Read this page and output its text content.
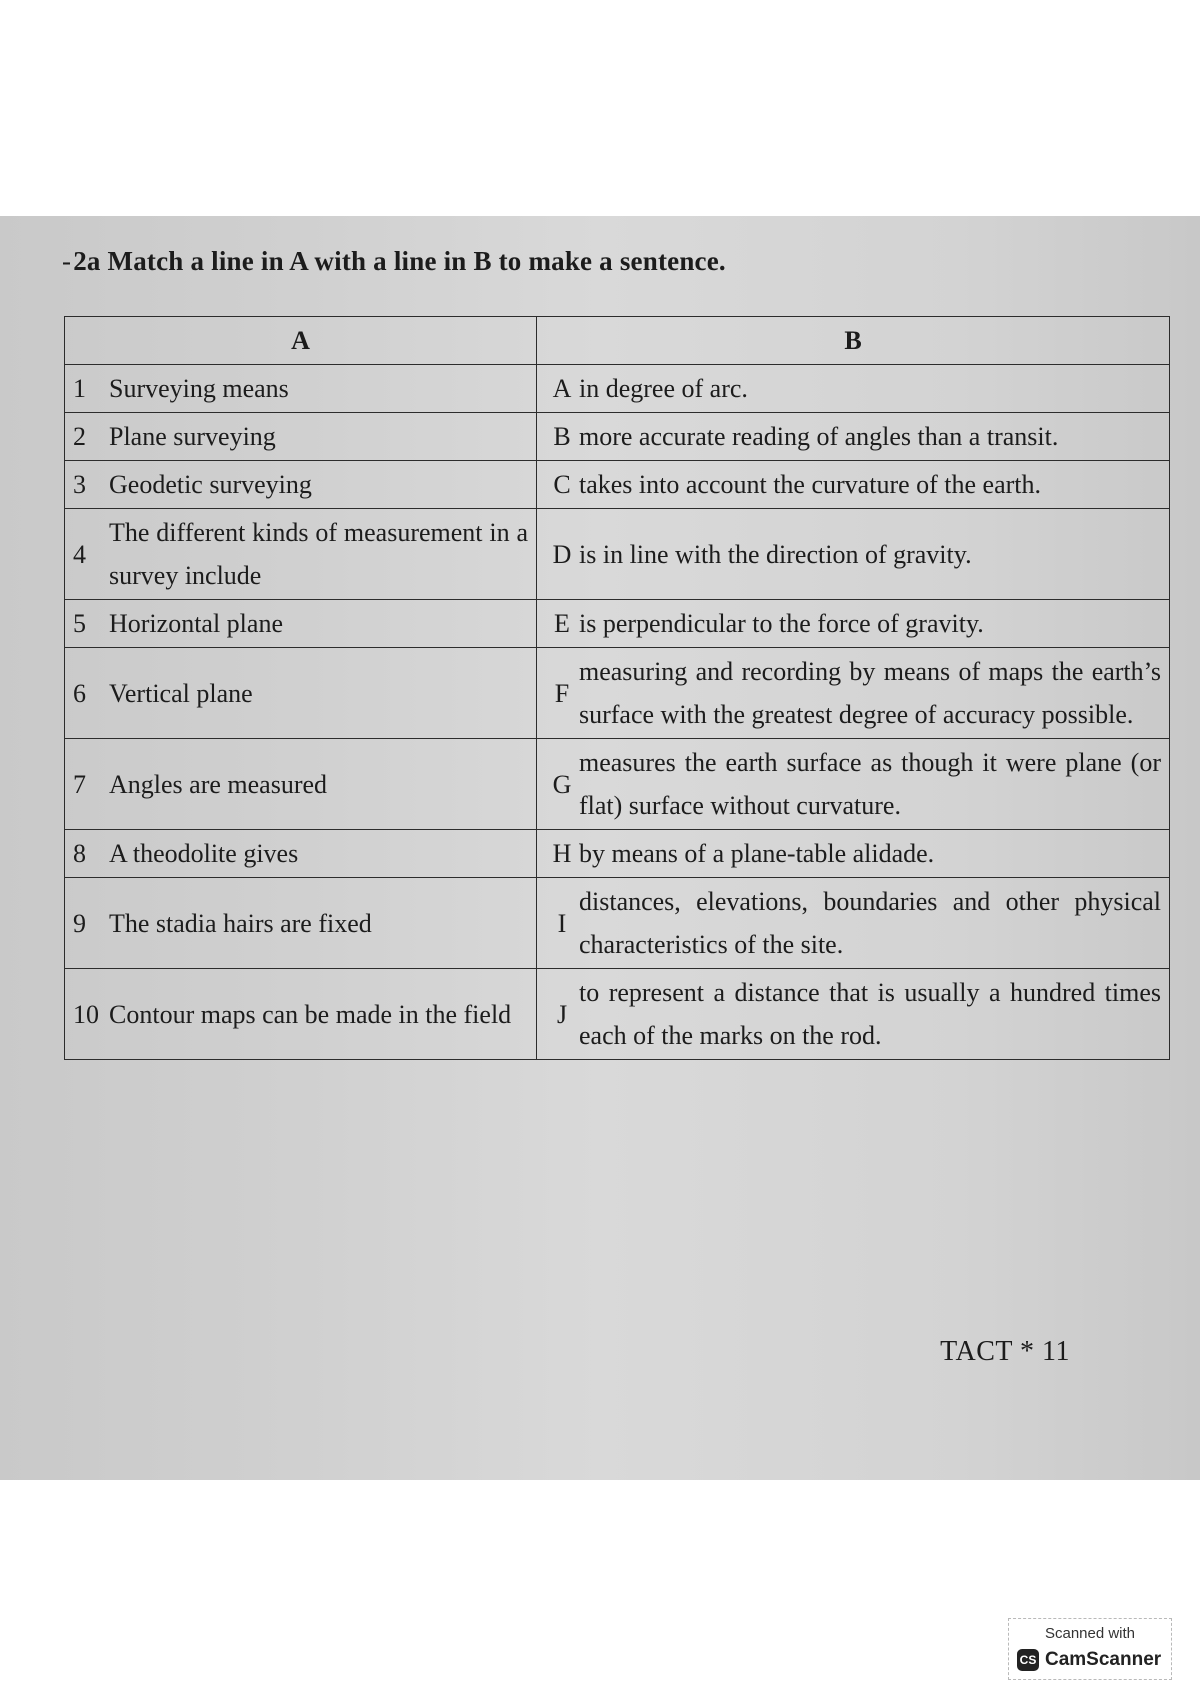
-2a Match a line in A with a line in B to make a sentence.
A	B

1 Surveying means	A in degree of arc.

2 Plane surveying	B more accurate reading of angles than a transit.

3 Geodetic surveying	C takes into account the curvature of the earth.

4
The different kinds of measurement in a survey include	D is in line with the direction of gravity.

5 Horizontal plane	E is perpendicular to the force of gravity.

6 Vertical plane	F
measuring and recording by means of maps the earth’s surface with the greatest degree of accuracy possible.

7 Angles are measured	G
measures the earth surface as though it were plane (or flat) surface without curvature.

8 A theodolite gives	H by means of a plane-table alidade.

9 The stadia hairs are fixed	I
distances, elevations, boundaries and other physical characteristics of the site.

10 Contour maps can be made in the field	J
to represent a distance that is usually a hundred times each of the marks on the rod.
TACT * 11
Scanned with
CS CamScanner
